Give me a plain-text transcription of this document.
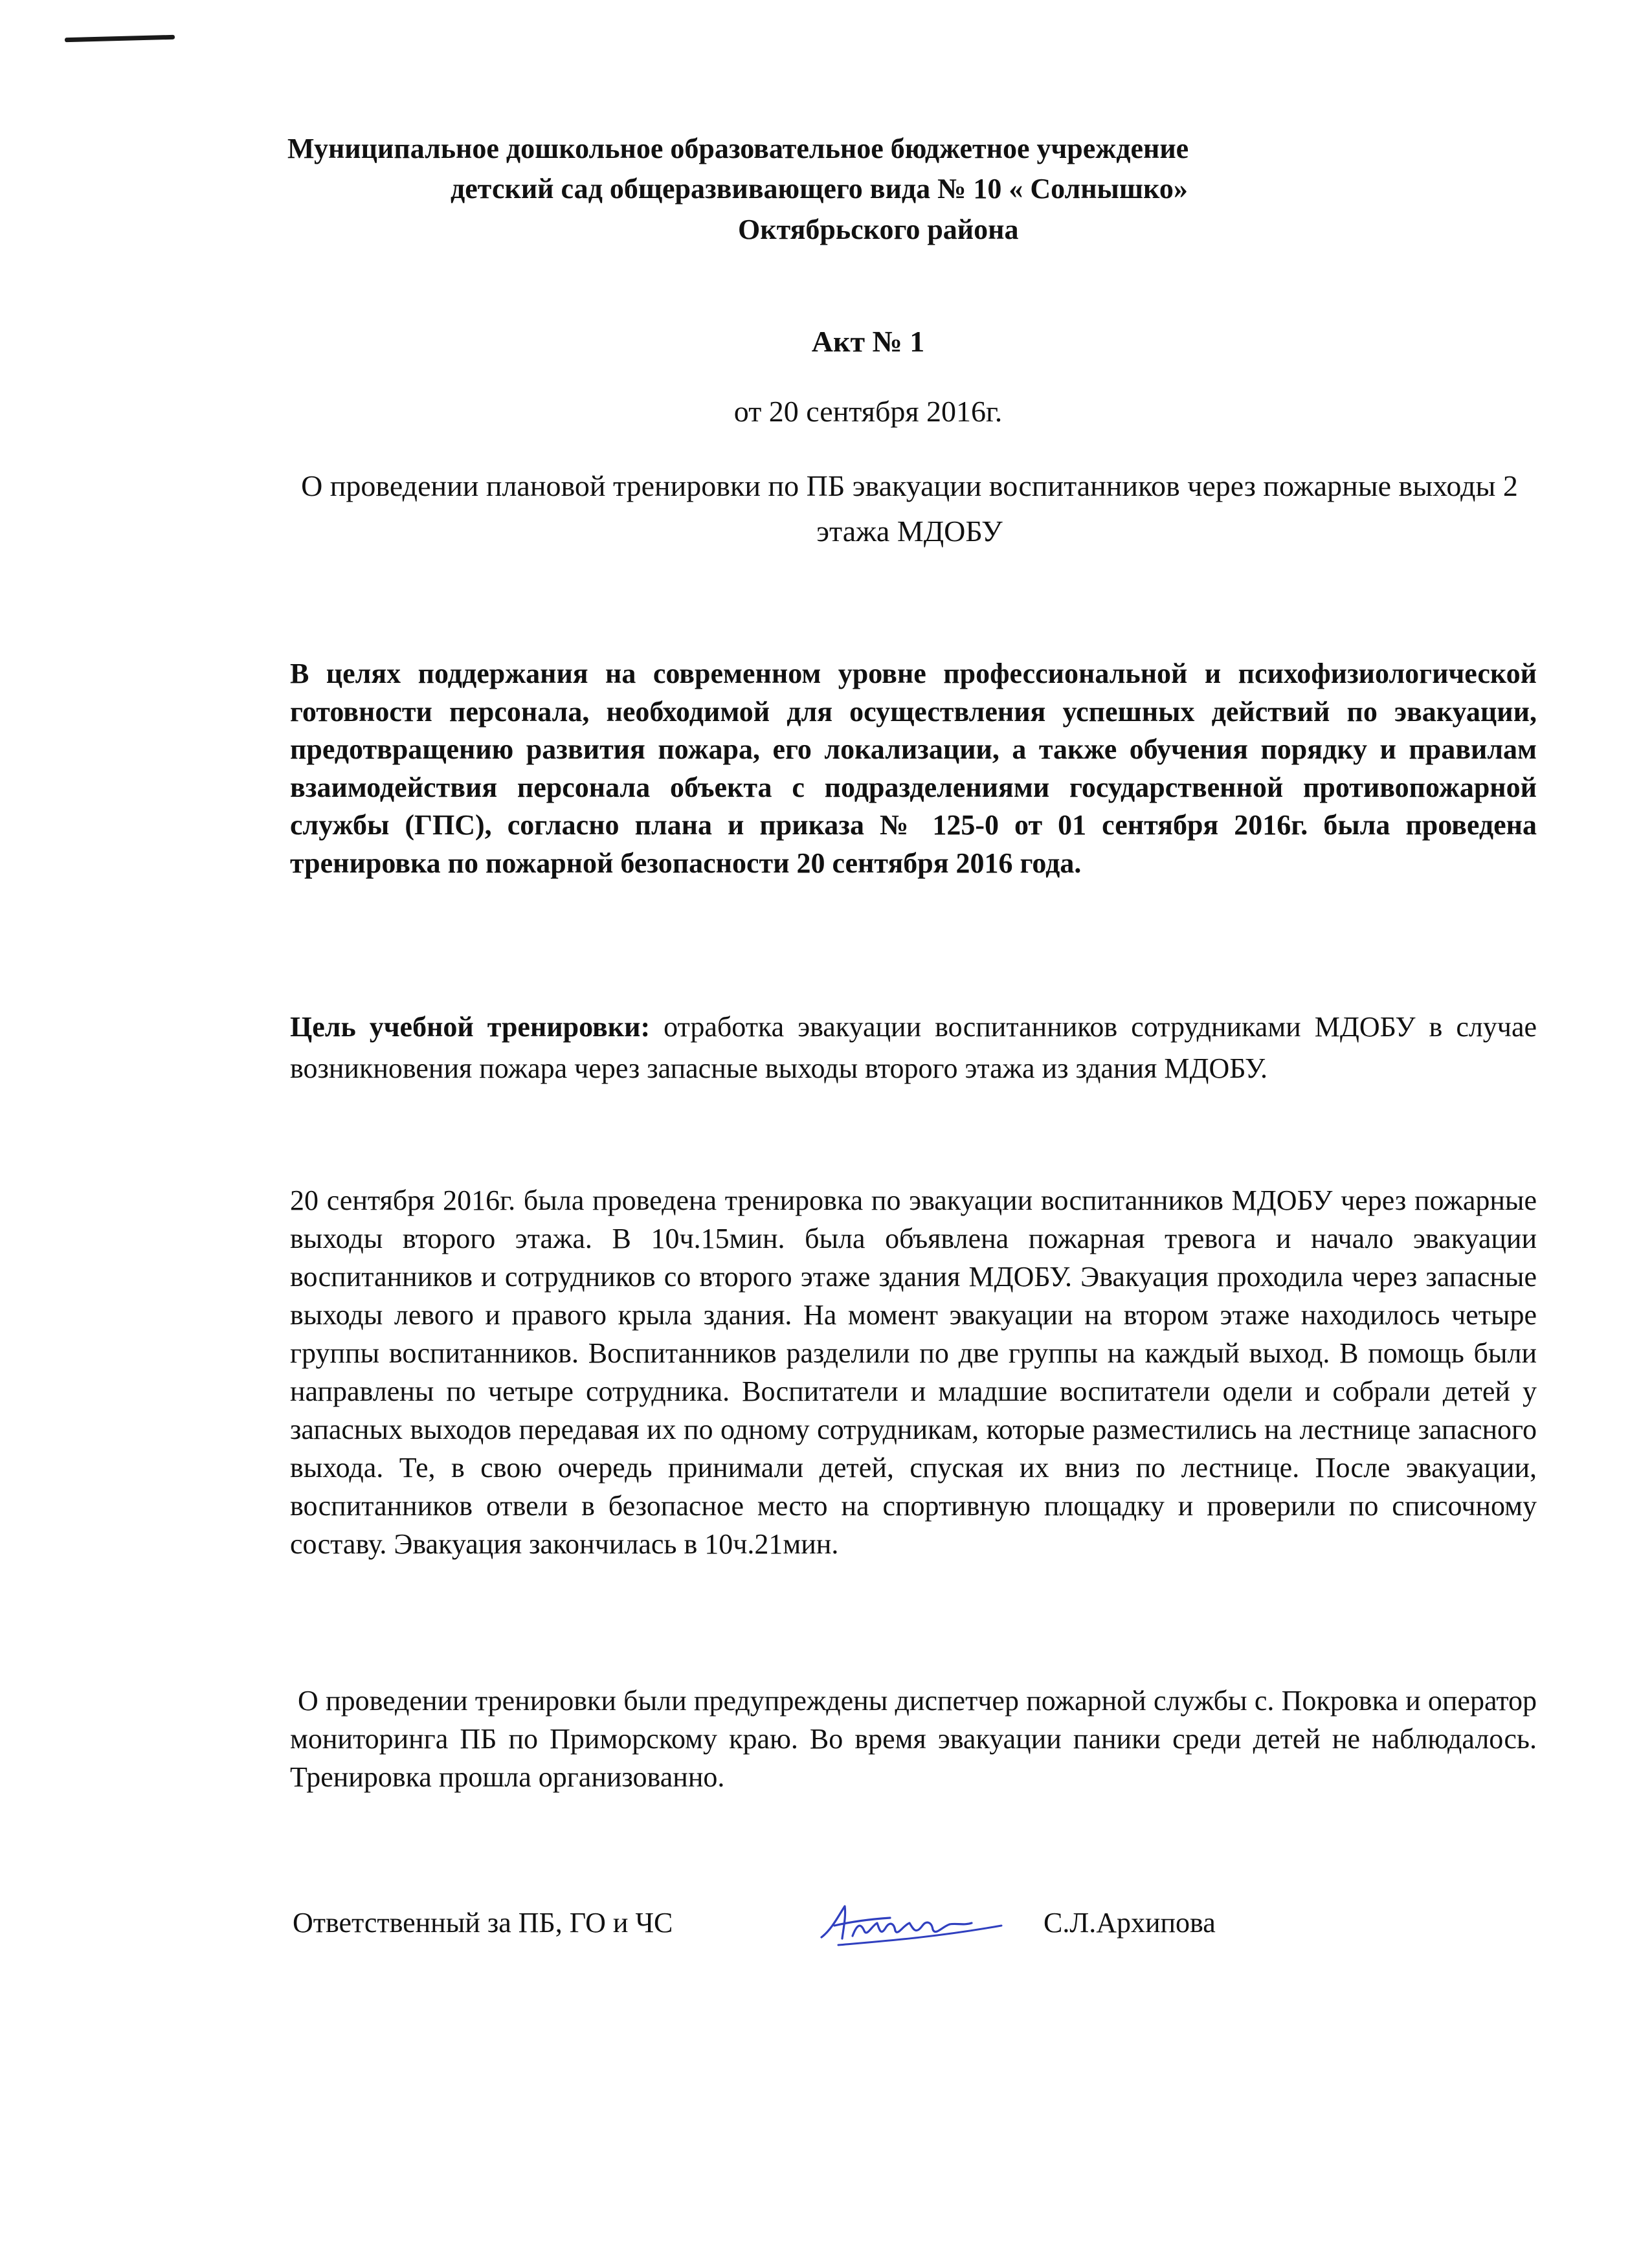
Муниципальное дошкольное образовательное бюджетное учреждение
детский сад общеразвивающего вида № 10 « Солнышко»
Октябрьского района
Акт № 1
от 20 сентября 2016г.
О проведении плановой тренировки по ПБ эвакуации воспитанников через пожарные выходы 2 этажа МДОБУ
В целях поддержания на современном уровне профессиональной и психофизиологической готовности персонала, необходимой для осуществления успешных действий по эвакуации, предотвращению развития пожара, его локализации, а также обучения порядку и правилам взаимодействия персонала объекта с подразделениями государственной противопожарной службы (ГПС), согласно плана и приказа № 125-0 от 01 сентября 2016г. была проведена тренировка по пожарной безопасности 20 сентября 2016 года.
Цель учебной тренировки: отработка эвакуации воспитанников сотрудниками МДОБУ в случае возникновения пожара через запасные выходы второго этажа из здания МДОБУ.
20 сентября 2016г. была проведена тренировка по эвакуации воспитанников МДОБУ через пожарные выходы второго этажа. В 10ч.15мин. была объявлена пожарная тревога и начало эвакуации воспитанников и сотрудников со второго этаже здания МДОБУ. Эвакуация проходила через запасные выходы левого и правого крыла здания. На момент эвакуации на втором этаже находилось четыре группы воспитанников. Воспитанников разделили по две группы на каждый выход. В помощь были направлены по четыре сотрудника. Воспитатели и младшие воспитатели одели и собрали детей у запасных выходов передавая их по одному сотрудникам, которые разместились на лестнице запасного выхода. Те, в свою очередь принимали детей, спуская их вниз по лестнице. После эвакуации, воспитанников отвели в безопасное место на спортивную площадку и проверили по списочному составу. Эвакуация закончилась в 10ч.21мин.
О проведении тренировки были предупреждены диспетчер пожарной службы с. Покровка и оператор мониторинга ПБ по Приморскому краю. Во время эвакуации паники среди детей не наблюдалось. Тренировка прошла организованно.
Ответственный за ПБ, ГО и ЧС	С.Л.Архипова
